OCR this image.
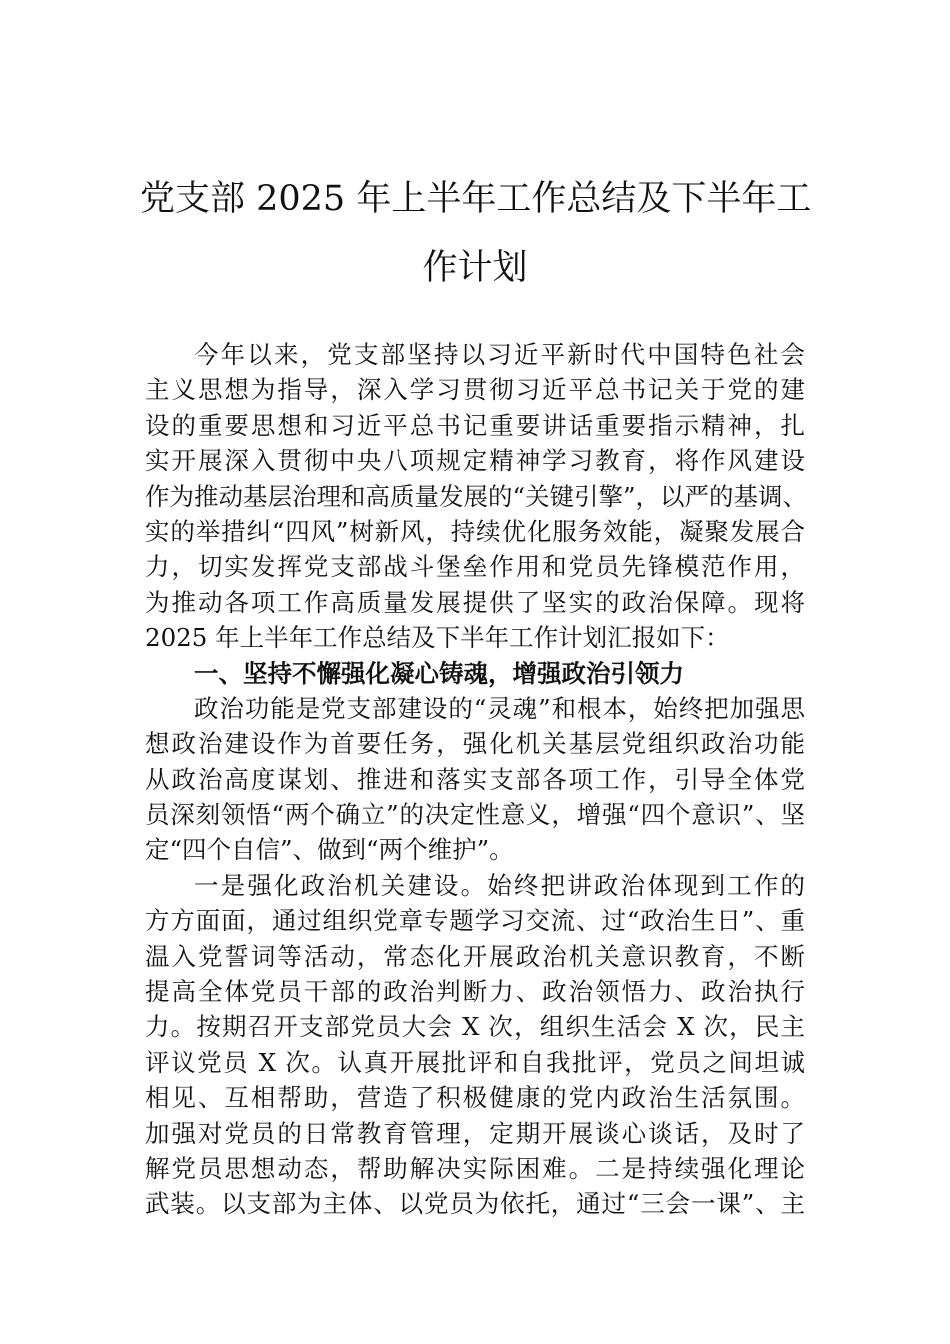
党支部 2025 年上半年工作总结及下半年工
作计划
今年以来，党支部坚持以习近平新时代中国特色社会
主义思想为指导，深入学习贯彻习近平总书记关于党的建
设的重要思想和习近平总书记重要讲话重要指示精神，扎
实开展深入贯彻中央八项规定精神学习教育，将作风建设
作为推动基层治理和高质量发展的“关键引擎”，以严的基调、
实的举措纠“四风”树新风，持续优化服务效能，凝聚发展合
力，切实发挥党支部战斗堡垒作用和党员先锋模范作用，
为推动各项工作高质量发展提供了坚实的政治保障。现将
2025 年上半年工作总结及下半年工作计划汇报如下：
一、坚持不懈强化凝心铸魂，增强政治引领力
政治功能是党支部建设的“灵魂”和根本，始终把加强思
想政治建设作为首要任务，强化机关基层党组织政治功能
从政治高度谋划、推进和落实支部各项工作，引导全体党
员深刻领悟“两个确立”的决定性意义，增强“四个意识”、坚
定“四个自信”、做到“两个维护”。
一是强化政治机关建设。始终把讲政治体现到工作的
方方面面，通过组织党章专题学习交流、过“政治生日”、重
温入党誓词等活动，常态化开展政治机关意识教育，不断
提高全体党员干部的政治判断力、政治领悟力、政治执行
力。按期召开支部党员大会 X 次，组织生活会 X 次，民主
评议党员 X 次。认真开展批评和自我批评，党员之间坦诚
相见、互相帮助，营造了积极健康的党内政治生活氛围。
加强对党员的日常教育管理，定期开展谈心谈话，及时了
解党员思想动态，帮助解决实际困难。二是持续强化理论
武装。以支部为主体、以党员为依托，通过“三会一课”、主
